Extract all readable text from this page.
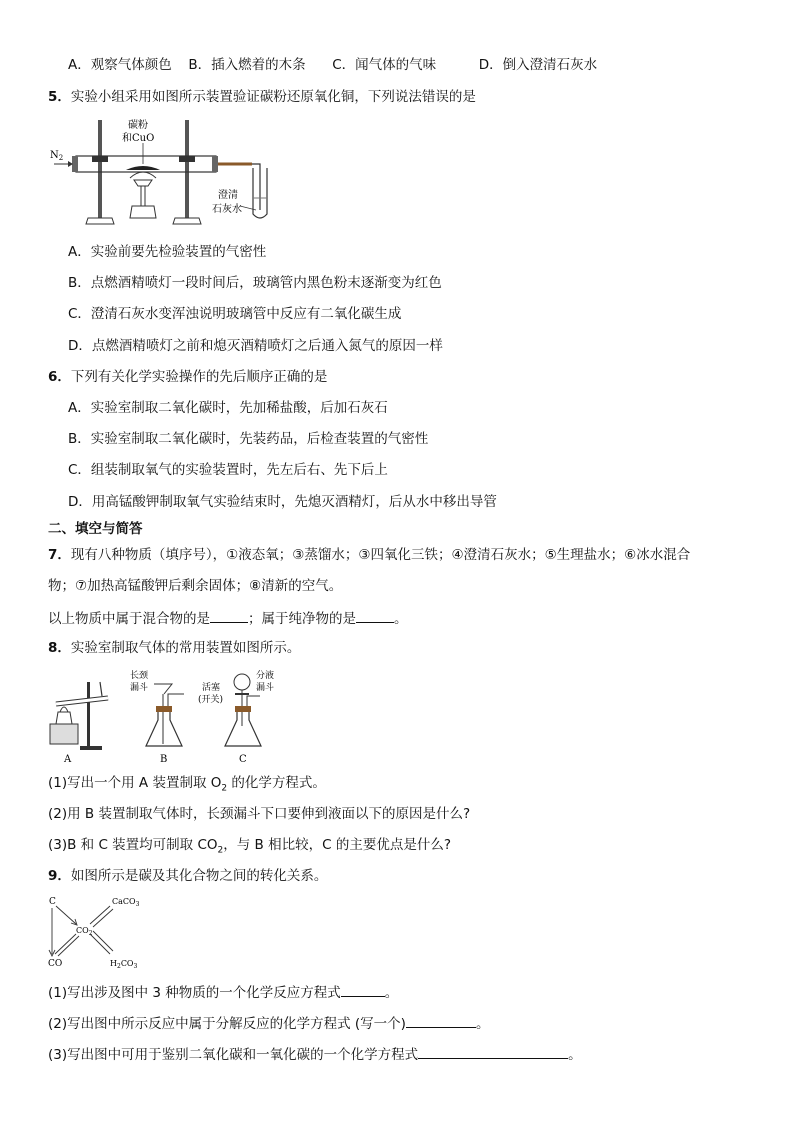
A．观察气体颜色 B．插入燃着的木条 C．闻气体的气味	D．倒入澄清石灰水
5．实验小组采用如图所示装置验证碳粉还原氧化铜，下列说法错误的是
$N_2$
碳粉
和CuO
澄清
石灰水
A．实验前要先检验装置的气密性
B．点燃酒精喷灯一段时间后，玻璃管内黑色粉末逐渐变为红色
C．澄清石灰水变浑浊说明玻璃管中反应有二氧化碳生成
D．点燃酒精喷灯之前和熄灭酒精喷灯之后通入氮气的原因一样
6．下列有关化学实验操作的先后顺序正确的是
A．实验室制取二氧化碳时，先加稀盐酸，后加石灰石
B．实验室制取二氧化碳时，先装药品，后检查装置的气密性
C．组装制取氧气的实验装置时，先左后右、先下后上
D．用高锰酸钾制取氧气实验结束时，先熄灭酒精灯，后从水中移出导管
二、填空与简答
7．现有八种物质（填序号），①液态氧；③蒸馏水；③四氧化三铁；④澄清石灰水；⑤生理盐水；⑥冰水混合
物；⑦加热高锰酸钾后剩余固体；⑧清新的空气。
以上物质中属于混合物的是	；属于纯净物的是	。
8．实验室制取气体的常用装置如图所示。
A
长颈
漏斗
B
分液
漏斗
活塞
(开关)
C
(1)写出一个用 A 装置制取 $O_2$ 的化学方程式。
(2)用 B 装置制取气体时，长颈漏斗下口要伸到液面以下的原因是什么?
(3)B 和 C 装置均可制取 $CO_2$，与 B 相比较，C 的主要优点是什么?
9．如图所示是碳及其化合物之间的转化关系。
C	CaCO$_3$
$CO_2$
CO	$H_2CO_3$
(1)写出涉及图中 3 种物质的一个化学反应方程式	。
(2)写出图中所示反应中属于分解反应的化学方程式 (写一个)	。
(3)写出图中可用于鉴别二氧化碳和一氧化碳的一个化学方程式	。
